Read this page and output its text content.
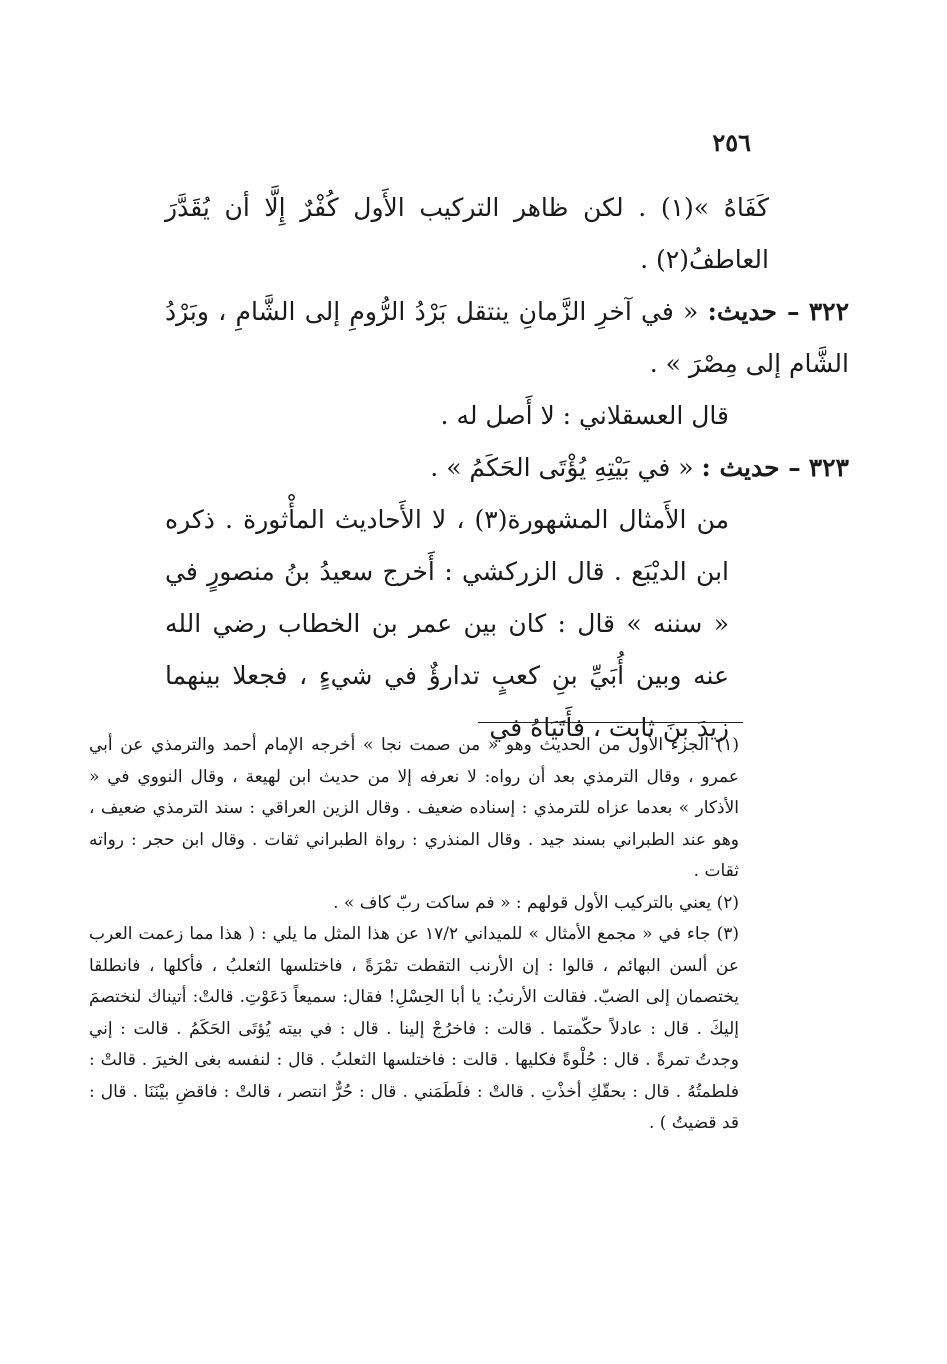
٢٥٦

كَفَاهُ »(١) . لكن ظاهر التركيب الأَول كُفْرٌ إِلَّا أن يُقَدَّرَ العاطفُ(٢) .

٣٢٢ – حديث: « في آخرِ الزَّمانِ ينتقل بَرْدُ الرُّومِ إلى الشَّامِ ، وبَرْدُ الشَّام إلى مِصْرَ » .

قال العسقلاني : لا أَصل له .

٣٢٣ – حديث : « في بَيْتِهِ يُؤْتَى الحَكَمُ » .

من الأَمثال المشهورة(٣) ، لا الأَحاديث المأْثورة . ذكره ابن الديْبَع . قال الزركشي : أَخرج سعيدُ بنُ منصورٍ في « سننه » قال : كان بين عمر بن الخطاب رضي الله عنه وبين أُبَيِّ بنِ كعبٍ تدارؤٌ في شيءٍ ، فجعلا بينهما زيدَ بنَ ثابت ، فأَتَيَاهُ في

(١) الجزء الأول من الحديث وهو « من صمت نجا » أخرجه الإمام أحمد والترمذي عن أبي عمرو ، وقال الترمذي بعد أن رواه: لا نعرفه إلا من حديث ابن لهيعة ، وقال النووي في « الأذكار » بعدما عزاه للترمذي : إسناده ضعيف . وقال الزين العراقي : سند الترمذي ضعيف ، وهو عند الطبراني بسند جيد . وقال المنذري : رواة الطبراني ثقات . وقال ابن حجر : رواته ثقات .

(٢) يعني بالتركيب الأول قولهم : « فم ساكت ربّ كاف » .

(٣) جاء في « مجمع الأمثال » للميداني ١٧/٢ عن هذا المثل ما يلي : ( هذا مما زعمت العرب عن ألسن البهائم ، قالوا : إن الأرنب التقطت تمْرَةً ، فاختلسها الثعلبُ ، فأكلها ، فانطلقا يختصمان إلى الضبّ. فقالت الأرنبُ: يا أبا الحِسْلِ! فقال: سميعاً دَعَوْتِ. قالتْ: أتيناك لنختصمَ إليكَ . قال : عادلاً حكّمتما . قالت : فاخرُجْ إلينا . قال : في بيته يُؤتَى الحَكَمُ . قالت : إني وجدتُ تمرةً . قال : حُلْوةً فكليها . قالت : فاختلسها الثعلبُ . قال : لنفسه بغى الخيرَ . قالتْ : فلطمتُهُ . قال : بحقّكِ أخذْتِ . قالتْ : فلَطَمَني . قال : حُرٌّ انتصر ، قالتْ : فاقضِ بيْنَنَا . قال : قد قضيتُ ) .
